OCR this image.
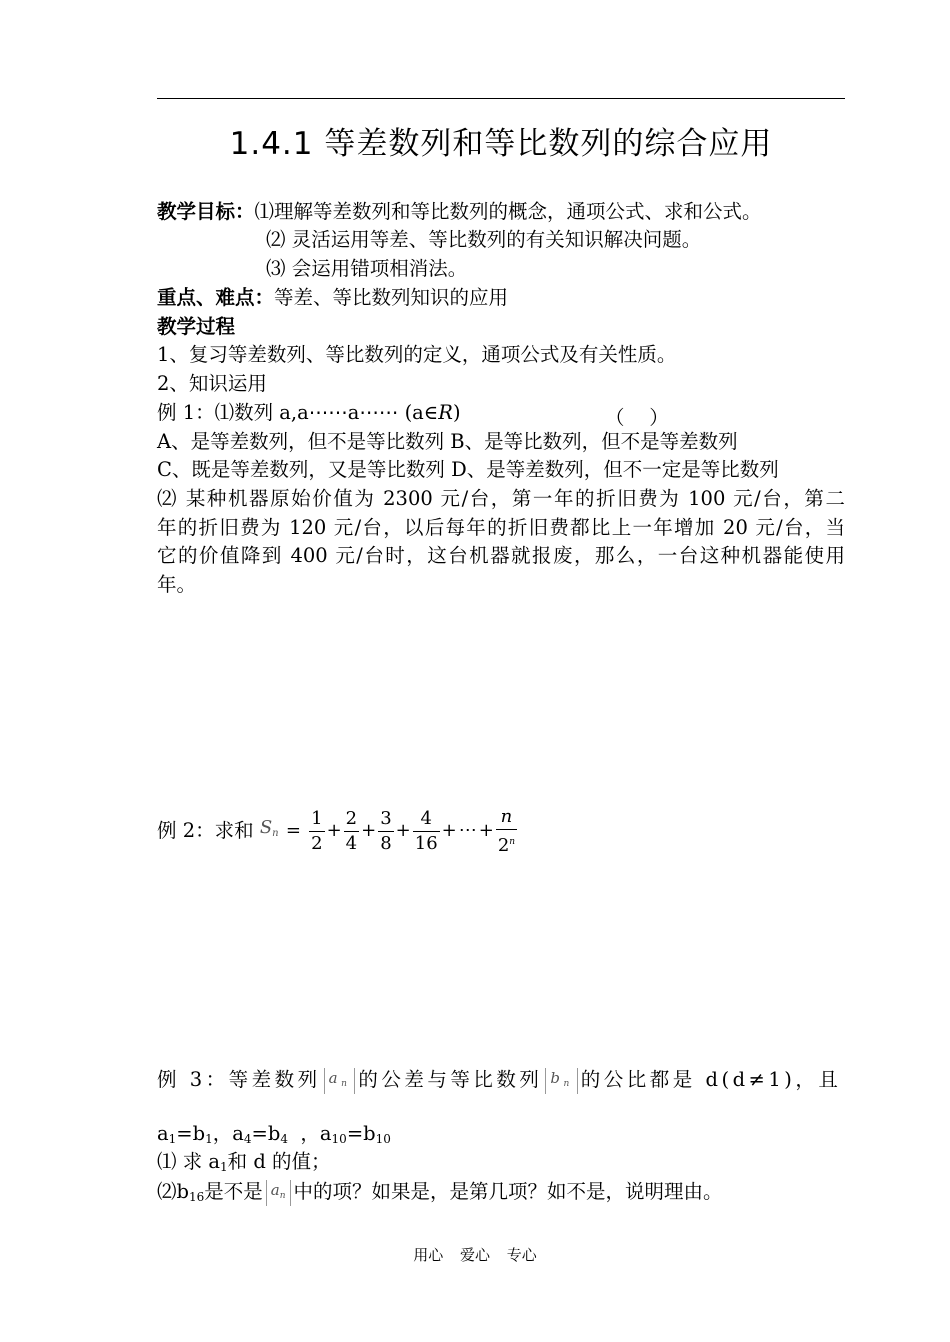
1.4.1 等差数列和等比数列的综合应用
教学目标：⑴理解等差数列和等比数列的概念，通项公式、求和公式。
⑵ 灵活运用等差、等比数列的有关知识解决问题。
⑶ 会运用错项相消法。
重点、难点：等差、等比数列知识的应用
教学过程
1、复习等差数列、等比数列的定义，通项公式及有关性质。
2、知识运用
例 1：⑴数列 a,a⋯⋯a⋯⋯ (a∈R)	（    ）
A、是等差数列，但不是等比数列 B、是等比数列，但不是等差数列
C、既是等差数列，又是等比数列 D、是等差数列，但不一定是等比数列
⑵ 某种机器原始价值为 2300 元/台，第一年的折旧费为 100 元/台，第二
年的折旧费为 120 元/台，以后每年的折旧费都比上一年增加 20 元/台，当
它的价值降到 400 元/台时，这台机器就报废，那么，一台这种机器能使用
年。
例 2：求和 $S_n = \frac{1}{2} + \frac{2}{4} + \frac{3}{8} + \frac{4}{16}$ + ⋯ + $\frac{n}{2^n}$
例 3：等差数列 $a_n$ 的公差与等比数列 $b_n$ 的公比都是 d(d≠1)，且
$a_1=b_1$，$a_4=b_4$  ，$a_{10}=b_{10}$
⑴ 求 $a_1$和 d 的值；
$⑵b_{16}$是不是 $a_n$ 中的项？如果是，是第几项？如不是，说明理由。
用心 爱心 专心
